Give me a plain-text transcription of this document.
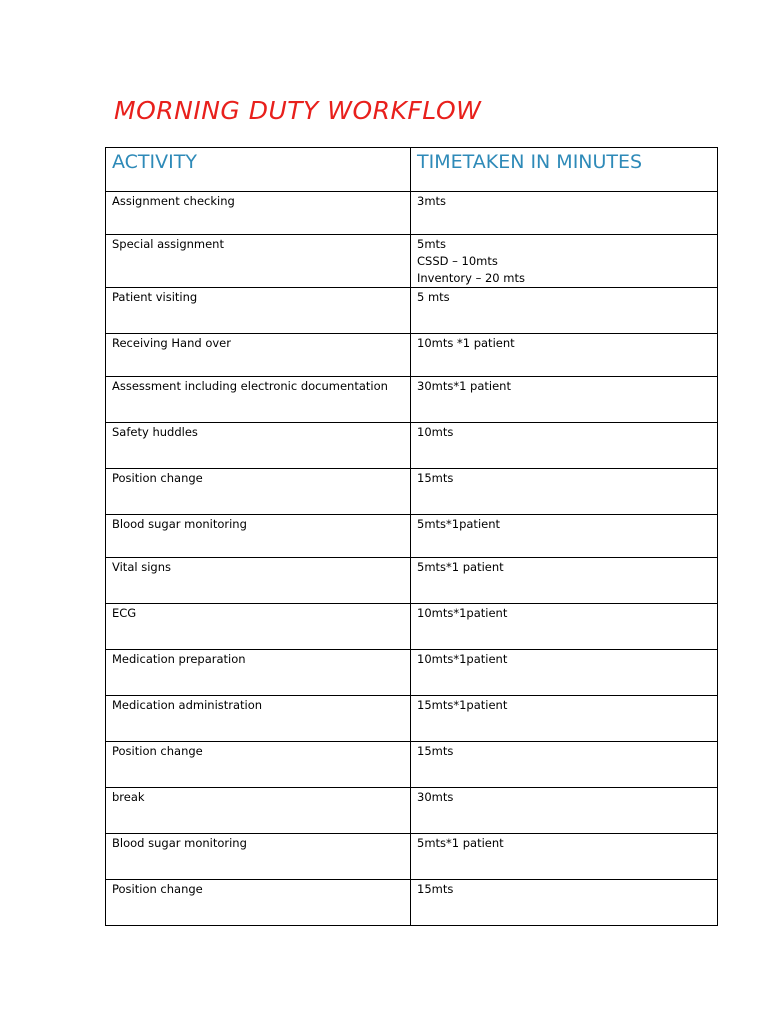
MORNING DUTY WORKFLOW
ACTIVITY	TIMETAKEN IN MINUTES
Assignment checking	3mts
Special assignment	5mts
CSSD – 10mts
Inventory – 20 mts

Patient visiting	5 mts
Receiving Hand over	10mts *1 patient
Assessment including electronic documentation	30mts*1 patient
Safety huddles	10mts
Position change	15mts
Blood sugar monitoring	5mts*1patient
Vital signs	5mts*1 patient
ECG	10mts*1patient
Medication preparation	10mts*1patient
Medication administration	15mts*1patient
Position change	15mts
break	30mts
Blood sugar monitoring	5mts*1 patient
Position change	15mts
